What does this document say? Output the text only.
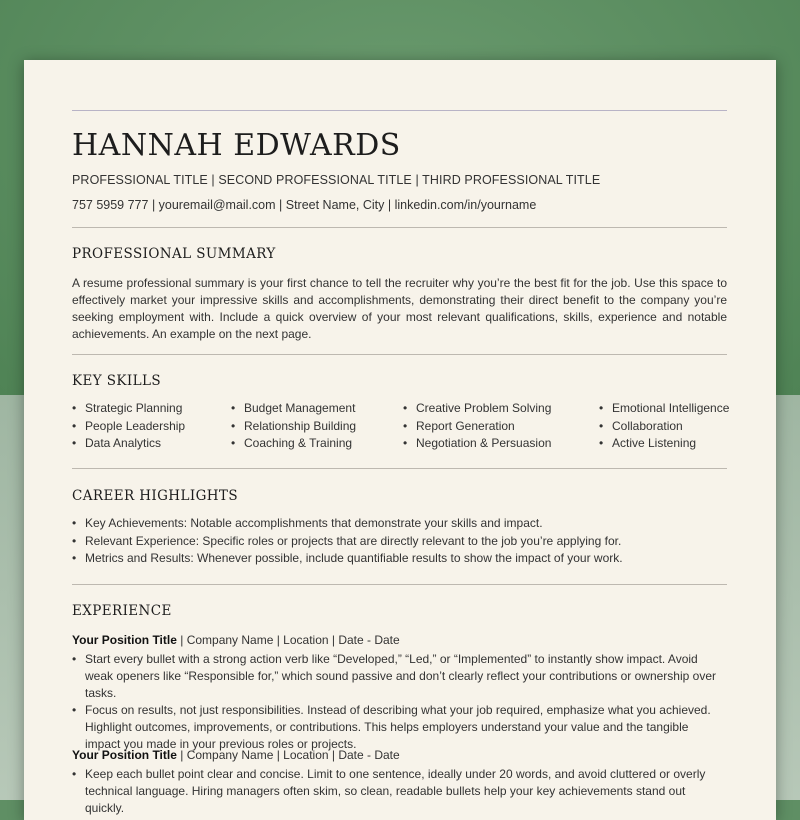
HANNAH EDWARDS
PROFESSIONAL TITLE | SECOND PROFESSIONAL TITLE | THIRD PROFESSIONAL TITLE
757 5959 777 | youremail@mail.com | Street Name, City | linkedin.com/in/yourname
PROFESSIONAL SUMMARY

A resume professional summary is your first chance to tell the recruiter why you’re the best fit for the job. Use this space to effectively market your impressive skills and accomplishments, demonstrating their direct benefit to the company you’re seeking employment with. Include a quick overview of your most relevant qualifications, skills, experience and notable achievements. An example on the next page.

KEY SKILLS
• Strategic Planning
• People Leadership
• Data Analytics
• Budget Management
• Relationship Building
• Coaching & Training
• Creative Problem Solving
• Report Generation
• Negotiation & Persuasion
• Emotional Intelligence
• Collaboration
• Active Listening
CAREER HIGHLIGHTS
• Key Achievements: Notable accomplishments that demonstrate your skills and impact.
• Relevant Experience: Specific roles or projects that are directly relevant to the job you’re applying for.
• Metrics and Results: Whenever possible, include quantifiable results to show the impact of your work.
EXPERIENCE
Your Position Title | Company Name | Location | Date - Date
• Start every bullet with a strong action verb like “Developed,” “Led,” or “Implemented” to instantly show impact. Avoid weak openers like “Responsible for,” which sound passive and don’t clearly reflect your contributions or ownership over tasks.
• Focus on results, not just responsibilities. Instead of describing what your job required, emphasize what you achieved. Highlight outcomes, improvements, or contributions. This helps employers understand your value and the tangible impact you made in your previous roles or projects.
Your Position Title | Company Name | Location | Date - Date
• Keep each bullet point clear and concise. Limit to one sentence, ideally under 20 words, and avoid cluttered or overly technical language. Hiring managers often skim, so clean, readable bullets help your key achievements stand out quickly.
